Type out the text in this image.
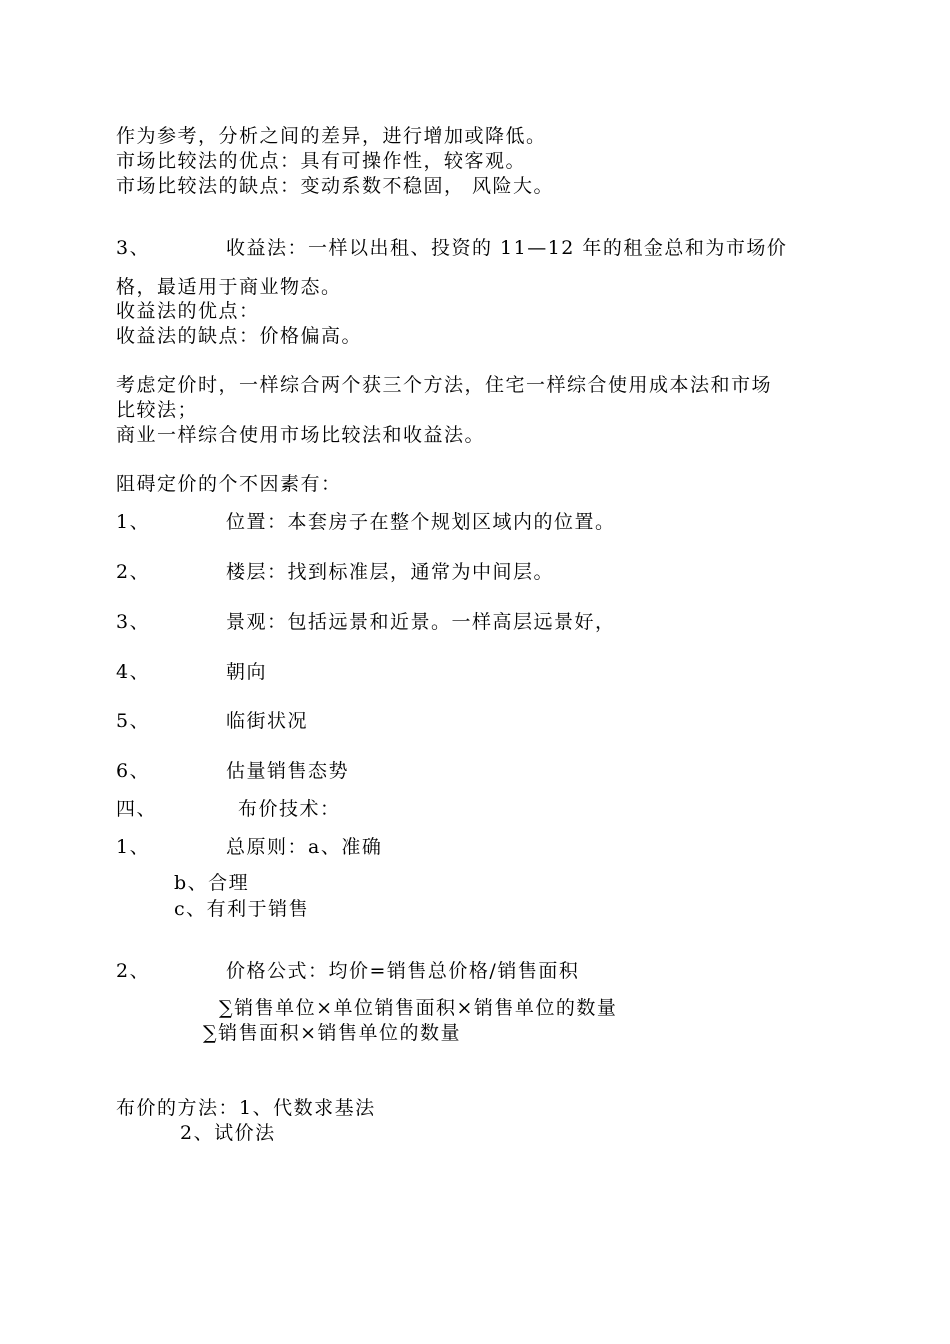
作为参考，分析之间的差异，进行增加或降低。
市场比较法的优点：具有可操作性，较客观。
市场比较法的缺点：变动系数不稳固， 风险大。
3、	收益法：一样以出租、投资的 11—12 年的租金总和为市场价
格，最适用于商业物态。
收益法的优点：
收益法的缺点：价格偏高。
考虑定价时，一样综合两个获三个方法，住宅一样综合使用成本法和市场
比较法；
商业一样综合使用市场比较法和收益法。
阻碍定价的个不因素有：
1、	位置：本套房子在整个规划区域内的位置。
2、	楼层：找到标准层，通常为中间层。
3、	景观：包括远景和近景。一样高层远景好，
4、	朝向
5、	临街状况
6、	估量销售态势
四、	布价技术：
1、	总原则：a、准确
b、合理
c、有利于销售
2、	价格公式：均价=销售总价格/销售面积
∑销售单位×单位销售面积×销售单位的数量
∑销售面积×销售单位的数量
布价的方法：1、代数求基法
2、试价法
